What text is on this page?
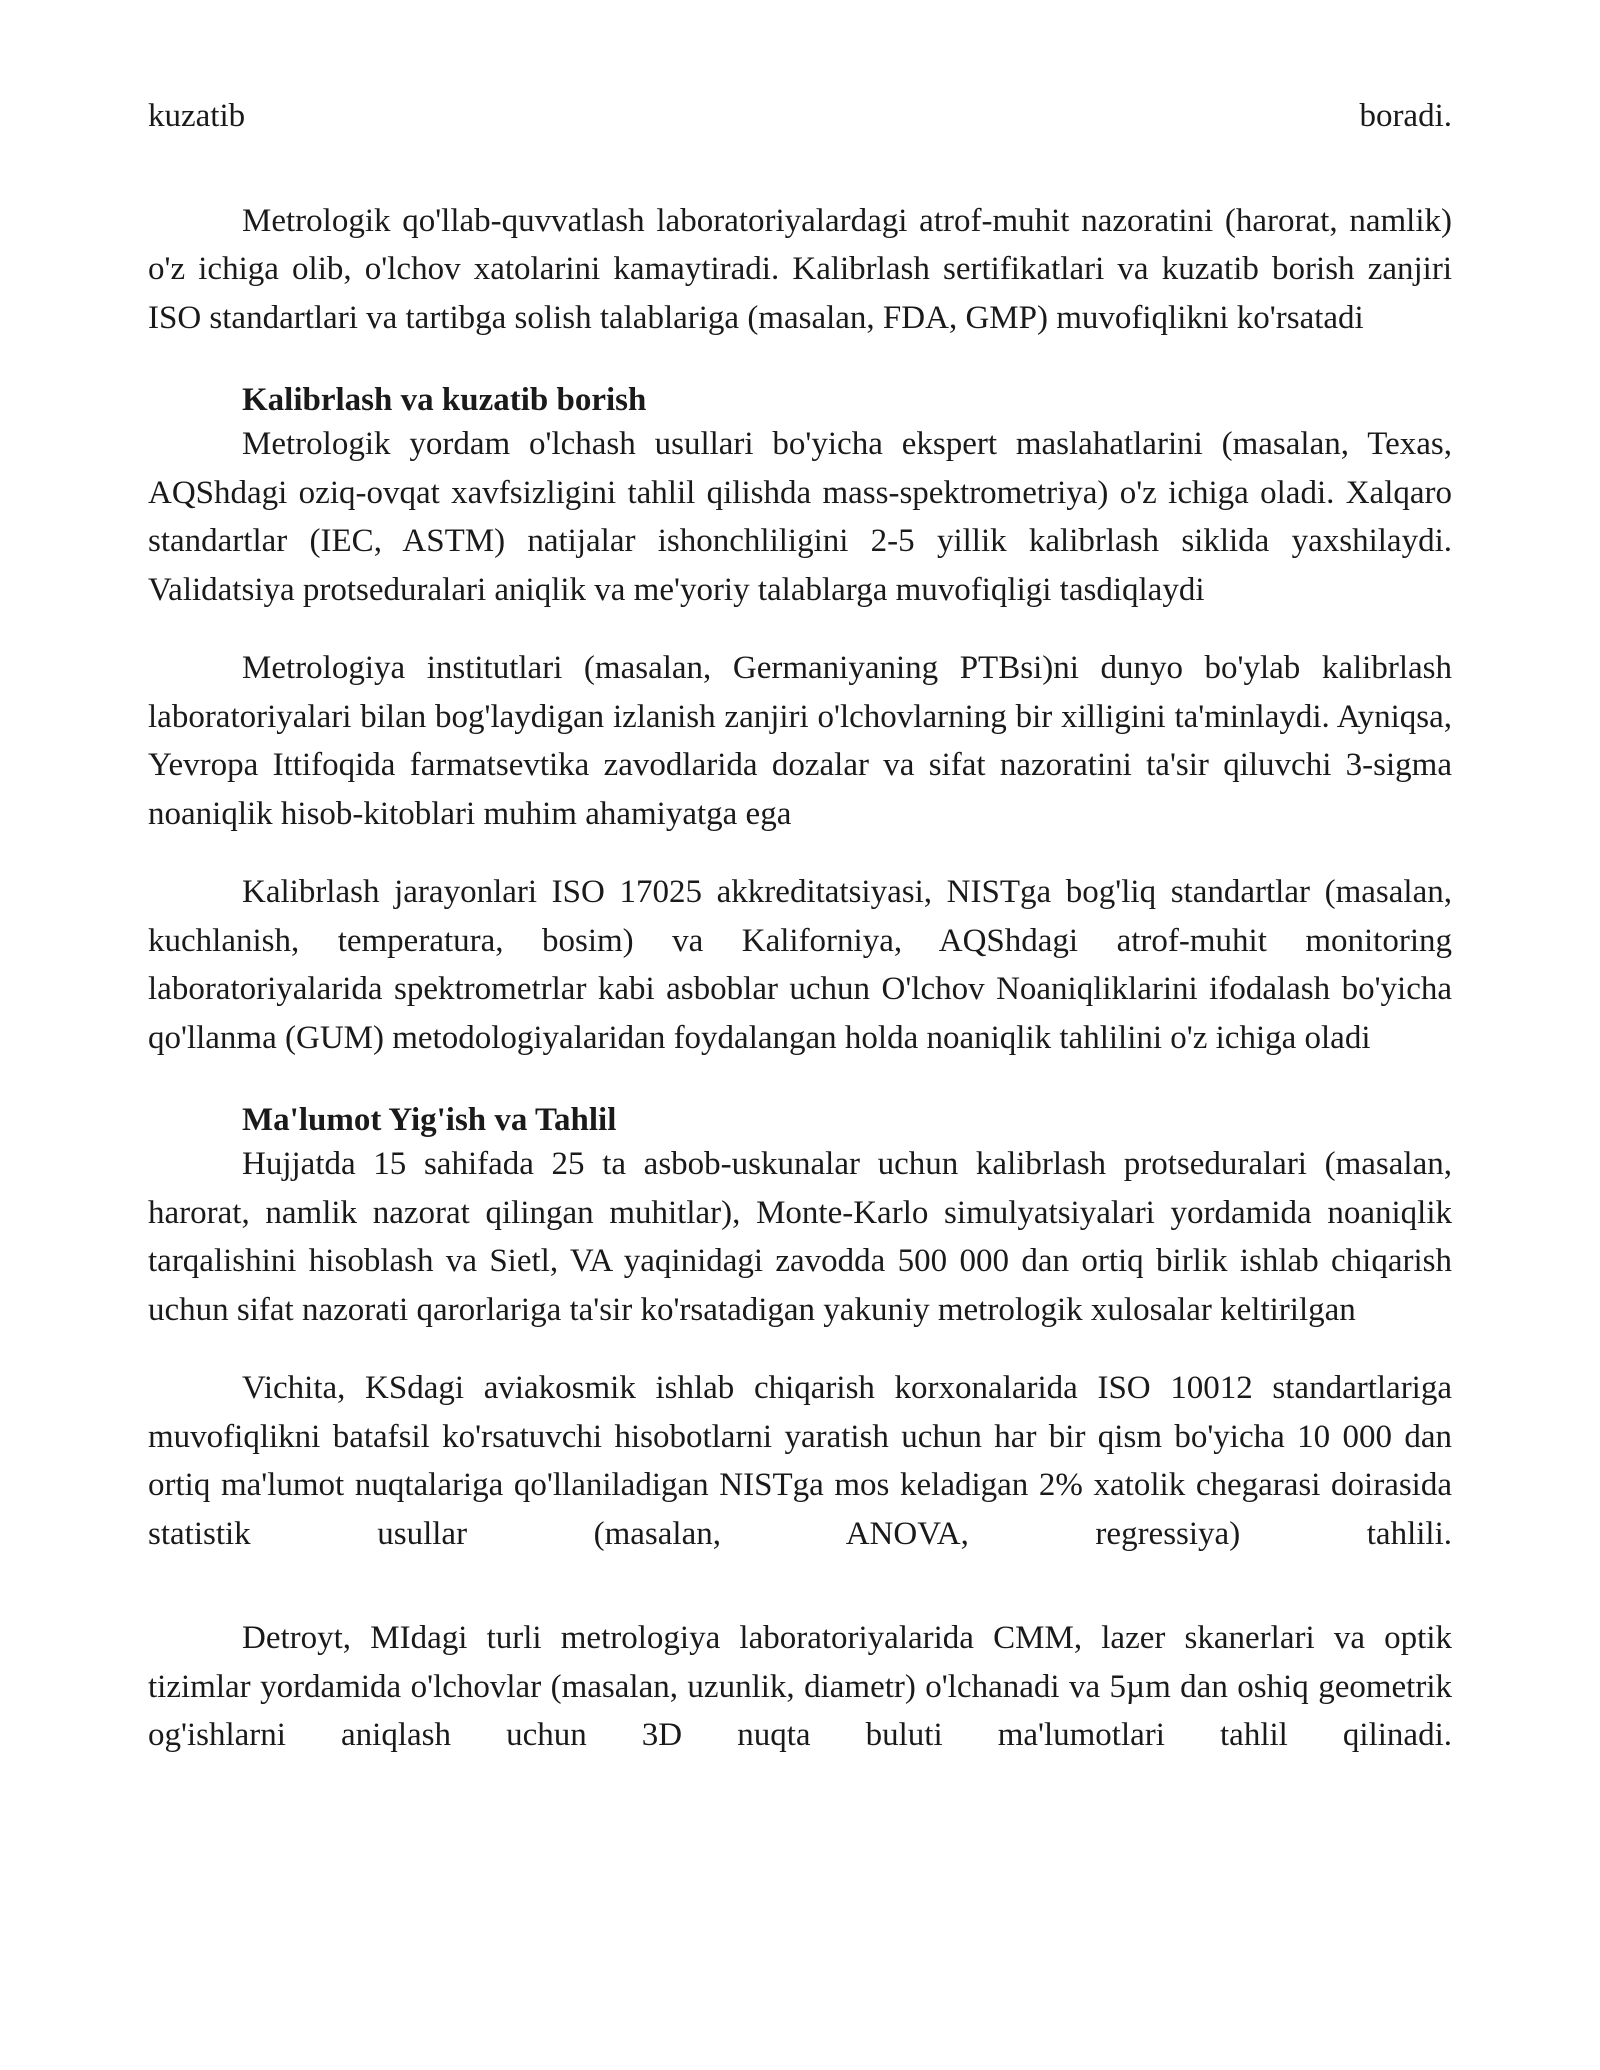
kuzatib	boradi.

Metrologik qo'llab-quvvatlash laboratoriyalardagi atrof-muhit nazoratini (harorat, namlik) o'z ichiga olib, o'lchov xatolarini kamaytiradi. Kalibrlash sertifikatlari va kuzatib borish zanjiri ISO standartlari va tartibga solish talablariga (masalan, FDA, GMP) muvofiqlikni ko'rsatadi

Kalibrlash va kuzatib borish

Metrologik yordam o'lchash usullari bo'yicha ekspert maslahatlarini (masalan, Texas, AQShdagi oziq-ovqat xavfsizligini tahlil qilishda mass-spektrometriya) o'z ichiga oladi. Xalqaro standartlar (IEC, ASTM) natijalar ishonchliligini 2-5 yillik kalibrlash siklida yaxshilaydi. Validatsiya protseduralari aniqlik va me'yoriy talablarga muvofiqligi tasdiqlaydi

Metrologiya institutlari (masalan, Germaniyaning PTBsi)ni dunyo bo'ylab kalibrlash laboratoriyalari bilan bog'laydigan izlanish zanjiri o'lchovlarning bir xilligini ta'minlaydi. Ayniqsa, Yevropa Ittifoqida farmatsevtika zavodlarida dozalar va sifat nazoratini ta'sir qiluvchi 3-sigma noaniqlik hisob-kitoblari muhim ahamiyatga ega

Kalibrlash jarayonlari ISO 17025 akkreditatsiyasi, NISTga bog'liq standartlar (masalan, kuchlanish, temperatura, bosim) va Kaliforniya, AQShdagi atrof-muhit monitoring laboratoriyalarida spektrometrlar kabi asboblar uchun O'lchov Noaniqliklarini ifodalash bo'yicha qo'llanma (GUM) metodologiyalaridan foydalangan holda noaniqlik tahlilini o'z ichiga oladi

Ma'lumot Yig'ish va Tahlil

Hujjatda 15 sahifada 25 ta asbob-uskunalar uchun kalibrlash protseduralari (masalan, harorat, namlik nazorat qilingan muhitlar), Monte-Karlo simulyatsiyalari yordamida noaniqlik tarqalishini hisoblash va Sietl, VA yaqinidagi zavodda 500 000 dan ortiq birlik ishlab chiqarish uchun sifat nazorati qarorlariga ta'sir ko'rsatadigan yakuniy metrologik xulosalar keltirilgan

Vichita, KSdagi aviakosmik ishlab chiqarish korxonalarida ISO 10012 standartlariga muvofiqlikni batafsil ko'rsatuvchi hisobotlarni yaratish uchun har bir qism bo'yicha 10 000 dan ortiq ma'lumot nuqtalariga qo'llaniladigan NISTga mos keladigan 2% xatolik chegarasi doirasida statistik usullar (masalan, ANOVA, regressiya) tahlili.

Detroyt, MIdagi turli metrologiya laboratoriyalarida CMM, lazer skanerlari va optik tizimlar yordamida o'lchovlar (masalan, uzunlik, diametr) o'lchanadi va 5µm dan oshiq geometrik og'ishlarni aniqlash uchun 3D nuqta buluti ma'lumotlari tahlil qilinadi.
